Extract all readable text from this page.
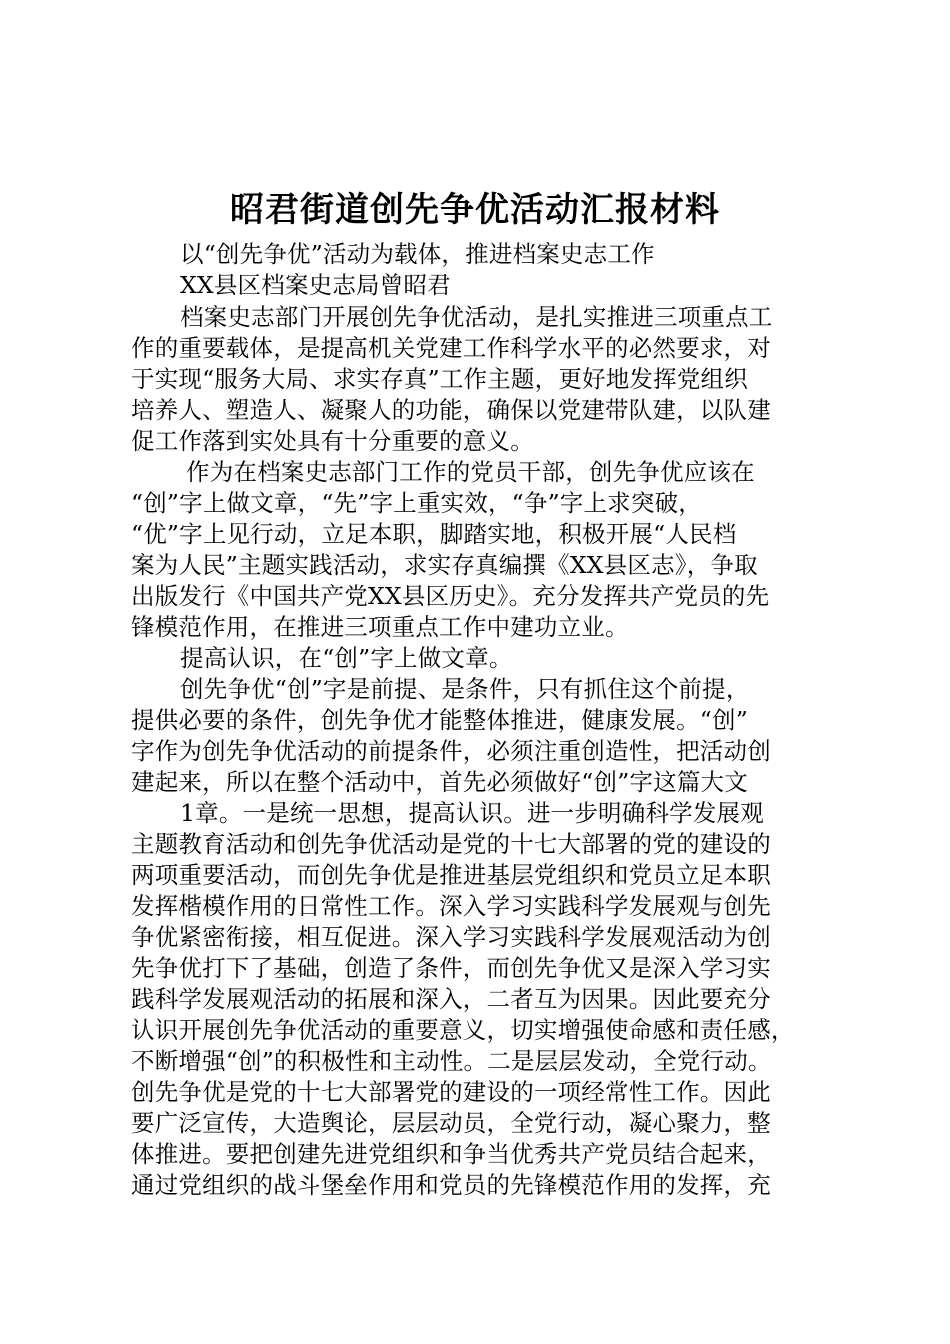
昭君街道创先争优活动汇报材料
以“创先争优”活动为载体，推进档案史志工作
XX县区档案史志局曾昭君
档案史志部门开展创先争优活动，是扎实推进三项重点工
作的重要载体，是提高机关党建工作科学水平的必然要求，对
于实现“服务大局、求实存真”工作主题，更好地发挥党组织
培养人、塑造人、凝聚人的功能，确保以党建带队建，以队建
促工作落到实处具有十分重要的意义。
作为在档案史志部门工作的党员干部，创先争优应该在
“创”字上做文章，“先”字上重实效，“争”字上求突破，
“优”字上见行动，立足本职，脚踏实地，积极开展“人民档
案为人民”主题实践活动，求实存真编撰《XX县区志》，争取
出版发行《中国共产党XX县区历史》。充分发挥共产党员的先
锋模范作用，在推进三项重点工作中建功立业。
提高认识，在“创”字上做文章。
创先争优“创”字是前提、是条件，只有抓住这个前提，
提供必要的条件，创先争优才能整体推进，健康发展。“创”
字作为创先争优活动的前提条件，必须注重创造性，把活动创
建起来，所以在整个活动中，首先必须做好“创”字这篇大文
1章。一是统一思想，提高认识。进一步明确科学发展观
主题教育活动和创先争优活动是党的十七大部署的党的建设的
两项重要活动，而创先争优是推进基层党组织和党员立足本职
发挥楷模作用的日常性工作。深入学习实践科学发展观与创先
争优紧密衔接，相互促进。深入学习实践科学发展观活动为创
先争优打下了基础，创造了条件，而创先争优又是深入学习实
践科学发展观活动的拓展和深入，二者互为因果。因此要充分
认识开展创先争优活动的重要意义，切实增强使命感和责任感，
不断增强“创”的积极性和主动性。二是层层发动，全党行动。
创先争优是党的十七大部署党的建设的一项经常性工作。因此
要广泛宣传，大造舆论，层层动员，全党行动，凝心聚力，整
体推进。要把创建先进党组织和争当优秀共产党员结合起来，
通过党组织的战斗堡垒作用和党员的先锋模范作用的发挥，充
